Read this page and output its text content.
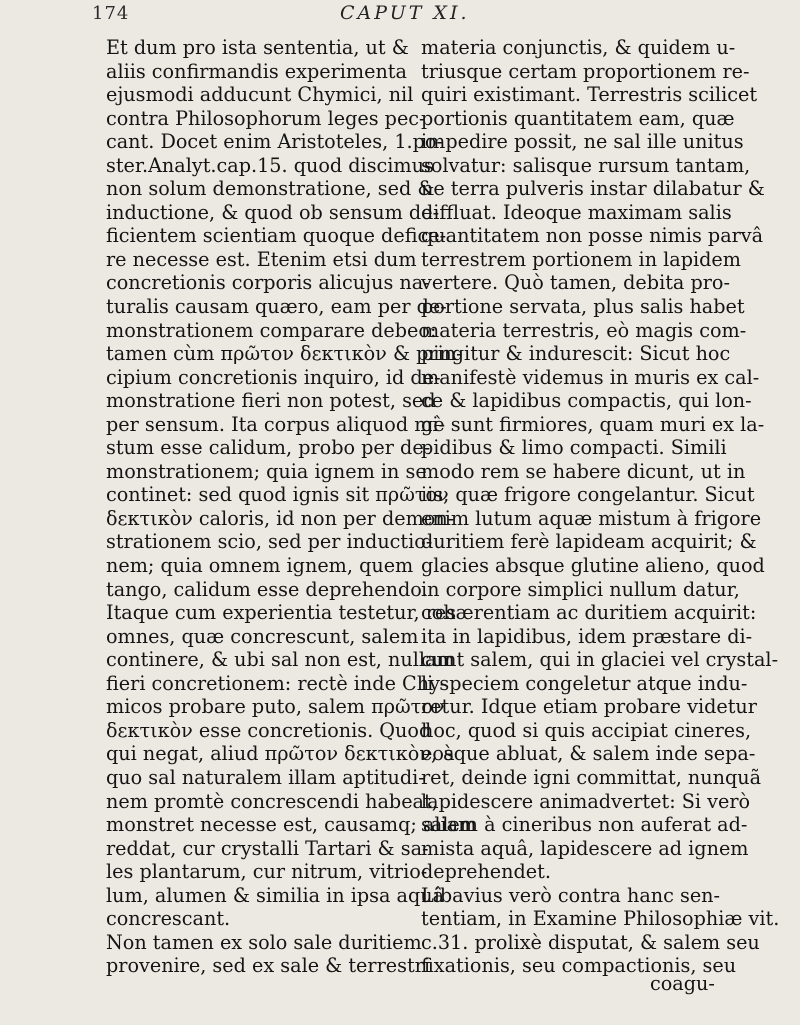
174	CAPUT XI.
Et dum pro ista sententia, ut &
aliis confirmandis experimenta
ejusmodi adducunt Chymici, nil
contra Philosophorum leges pec-
cant. Docet enim Aristoteles, 1.po-
ster.Analyt.cap.15. quod discimus
non solum demonstratione, sed &
inductione, & quod ob sensum de-
ficientem scientiam quoque defice-
re necesse est. Etenim etsi dum
concretionis corporis alicujus na-
turalis causam quæro, eam per de-
monstrationem comparare debeo:
tamen cùm πρῶτον δεκτικὸν & prin-
cipium concretionis inquiro, id de-
monstratione fieri non potest, sed
per sensum. Ita corpus aliquod mi-
stum esse calidum, probo per de-
monstrationem; quia ignem in se
continet: sed quod ignis sit πρῶτον
δεκτικὸν caloris, id non per demon-
strationem scio, sed per inductio-
nem; quia omnem ignem, quem
tango, calidum esse deprehendo.
Itaque cum experientia testetur, res
omnes, quæ concrescunt, salem
continere, & ubi sal non est, nullam
fieri concretionem: rectè inde Chy-
micos probare puto, salem πρῶτον
δεκτικὸν esse concretionis. Quod
qui negat, aliud πρῶτον δεκτικὸν, à
quo sal naturalem illam aptitudi-
nem promtè concrescendi habeat,
monstret necesse est, causamq; aliam
reddat, cur crystalli Tartari & sa-
les plantarum, cur nitrum, vitrio-
lum, alumen & similia in ipsa aquâ
concrescant.
Non tamen ex solo sale duritiem
provenire, sed ex sale & terrestri
materia conjunctis, & quidem u-
triusque certam proportionem re-
quiri existimant. Terrestris scilicet
portionis quantitatem eam, quæ
impedire possit, ne sal ille unitus
solvatur: salisque rursum tantam,
ne terra pulveris instar dilabatur &
diffluat. Ideoque maximam salis
quantitatem non posse nimis parvâ
terrestrem portionem in lapidem
vertere. Quò tamen, debita pro-
portione servata, plus salis habet
materia terrestris, eò magis com-
pingitur & indurescit: Sicut hoc
manifestè videmus in muris ex cal-
ce & lapidibus compactis, qui lon-
gè sunt firmiores, quam muri ex la-
pidibus & limo compacti. Simili
modo rem se habere dicunt, ut in
iis, quæ frigore congelantur. Sicut
enim lutum aquæ mistum à frigore
duritiem ferè lapideam acquirit; &
glacies absque glutine alieno, quod
in corpore simplici nullum datur,
cohærentiam ac duritiem acquirit:
ita in lapidibus, idem præstare di-
cunt salem, qui in glaciei vel crystal-
li speciem congeletur atque indu-
retur. Idque etiam probare videtur
hoc, quod si quis accipiat cineres,
eosque abluat, & salem inde sepa-
ret, deinde igni committat, nunquã
lapidescere animadvertet: Si verò
salem à cineribus non auferat ad-
mista aquâ, lapidescere ad ignem
deprehendet.
Libavius verò contra hanc sen-
tentiam, in Examine Philosophiæ vit.
c.31. prolixè disputat, & salem seu
fixationis, seu compactionis, seu
coagu-
